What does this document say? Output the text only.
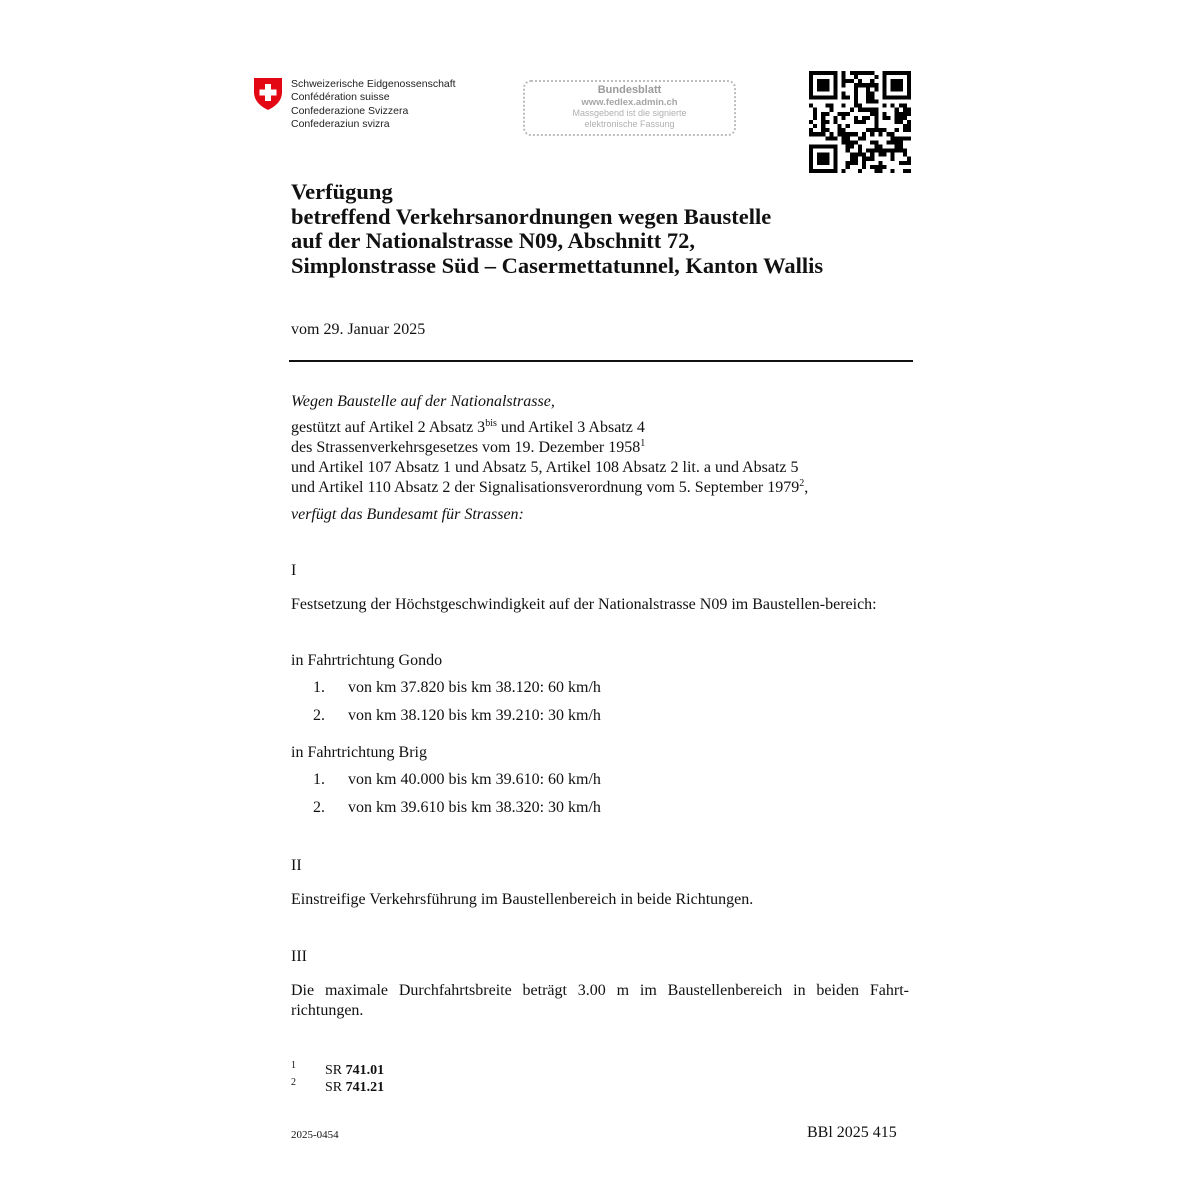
Schweizerische Eidgenossenschaft
Confédération suisse
Confederazione Svizzera
Confederaziun svizra
Bundesblatt
www.fedlex.admin.ch
Massgebend ist die signierte
elektronische Fassung
Verfügung
betreffend Verkehrsanordnungen wegen Baustelle
auf der Nationalstrasse N09, Abschnitt 72,
Simplonstrasse Süd – Casermettatunnel, Kanton Wallis
vom 29. Januar 2025
Wegen Baustelle auf der Nationalstrasse,
gestützt auf Artikel 2 Absatz $3^{bis}$ und Artikel 3 Absatz 4
des Strassenverkehrsgesetzes vom 19. Dezember 1958$^1$
und Artikel 107 Absatz 1 und Absatz 5, Artikel 108 Absatz 2 lit. a und Absatz 5
und Artikel 110 Absatz 2 der Signalisationsverordnung vom 5. September 1979$^2$,
verfügt das Bundesamt für Strassen:
I
Festsetzung der Höchstgeschwindigkeit auf der Nationalstrasse N09 im Baustellen-bereich:
in Fahrtrichtung Gondo
1. von km 37.820 bis km 38.120: 60 km/h
2. von km 38.120 bis km 39.210: 30 km/h
in Fahrtrichtung Brig
1. von km 40.000 bis km 39.610: 60 km/h
2. von km 39.610 bis km 38.320: 30 km/h
II
Einstreifige Verkehrsführung im Baustellenbereich in beide Richtungen.
III
Die maximale Durchfahrtsbreite beträgt 3.00 m im Baustellenbereich in beiden Fahrt-richtungen.
1 SR 741.01
2 SR 741.21
2025-0454	BBl 2025 415
